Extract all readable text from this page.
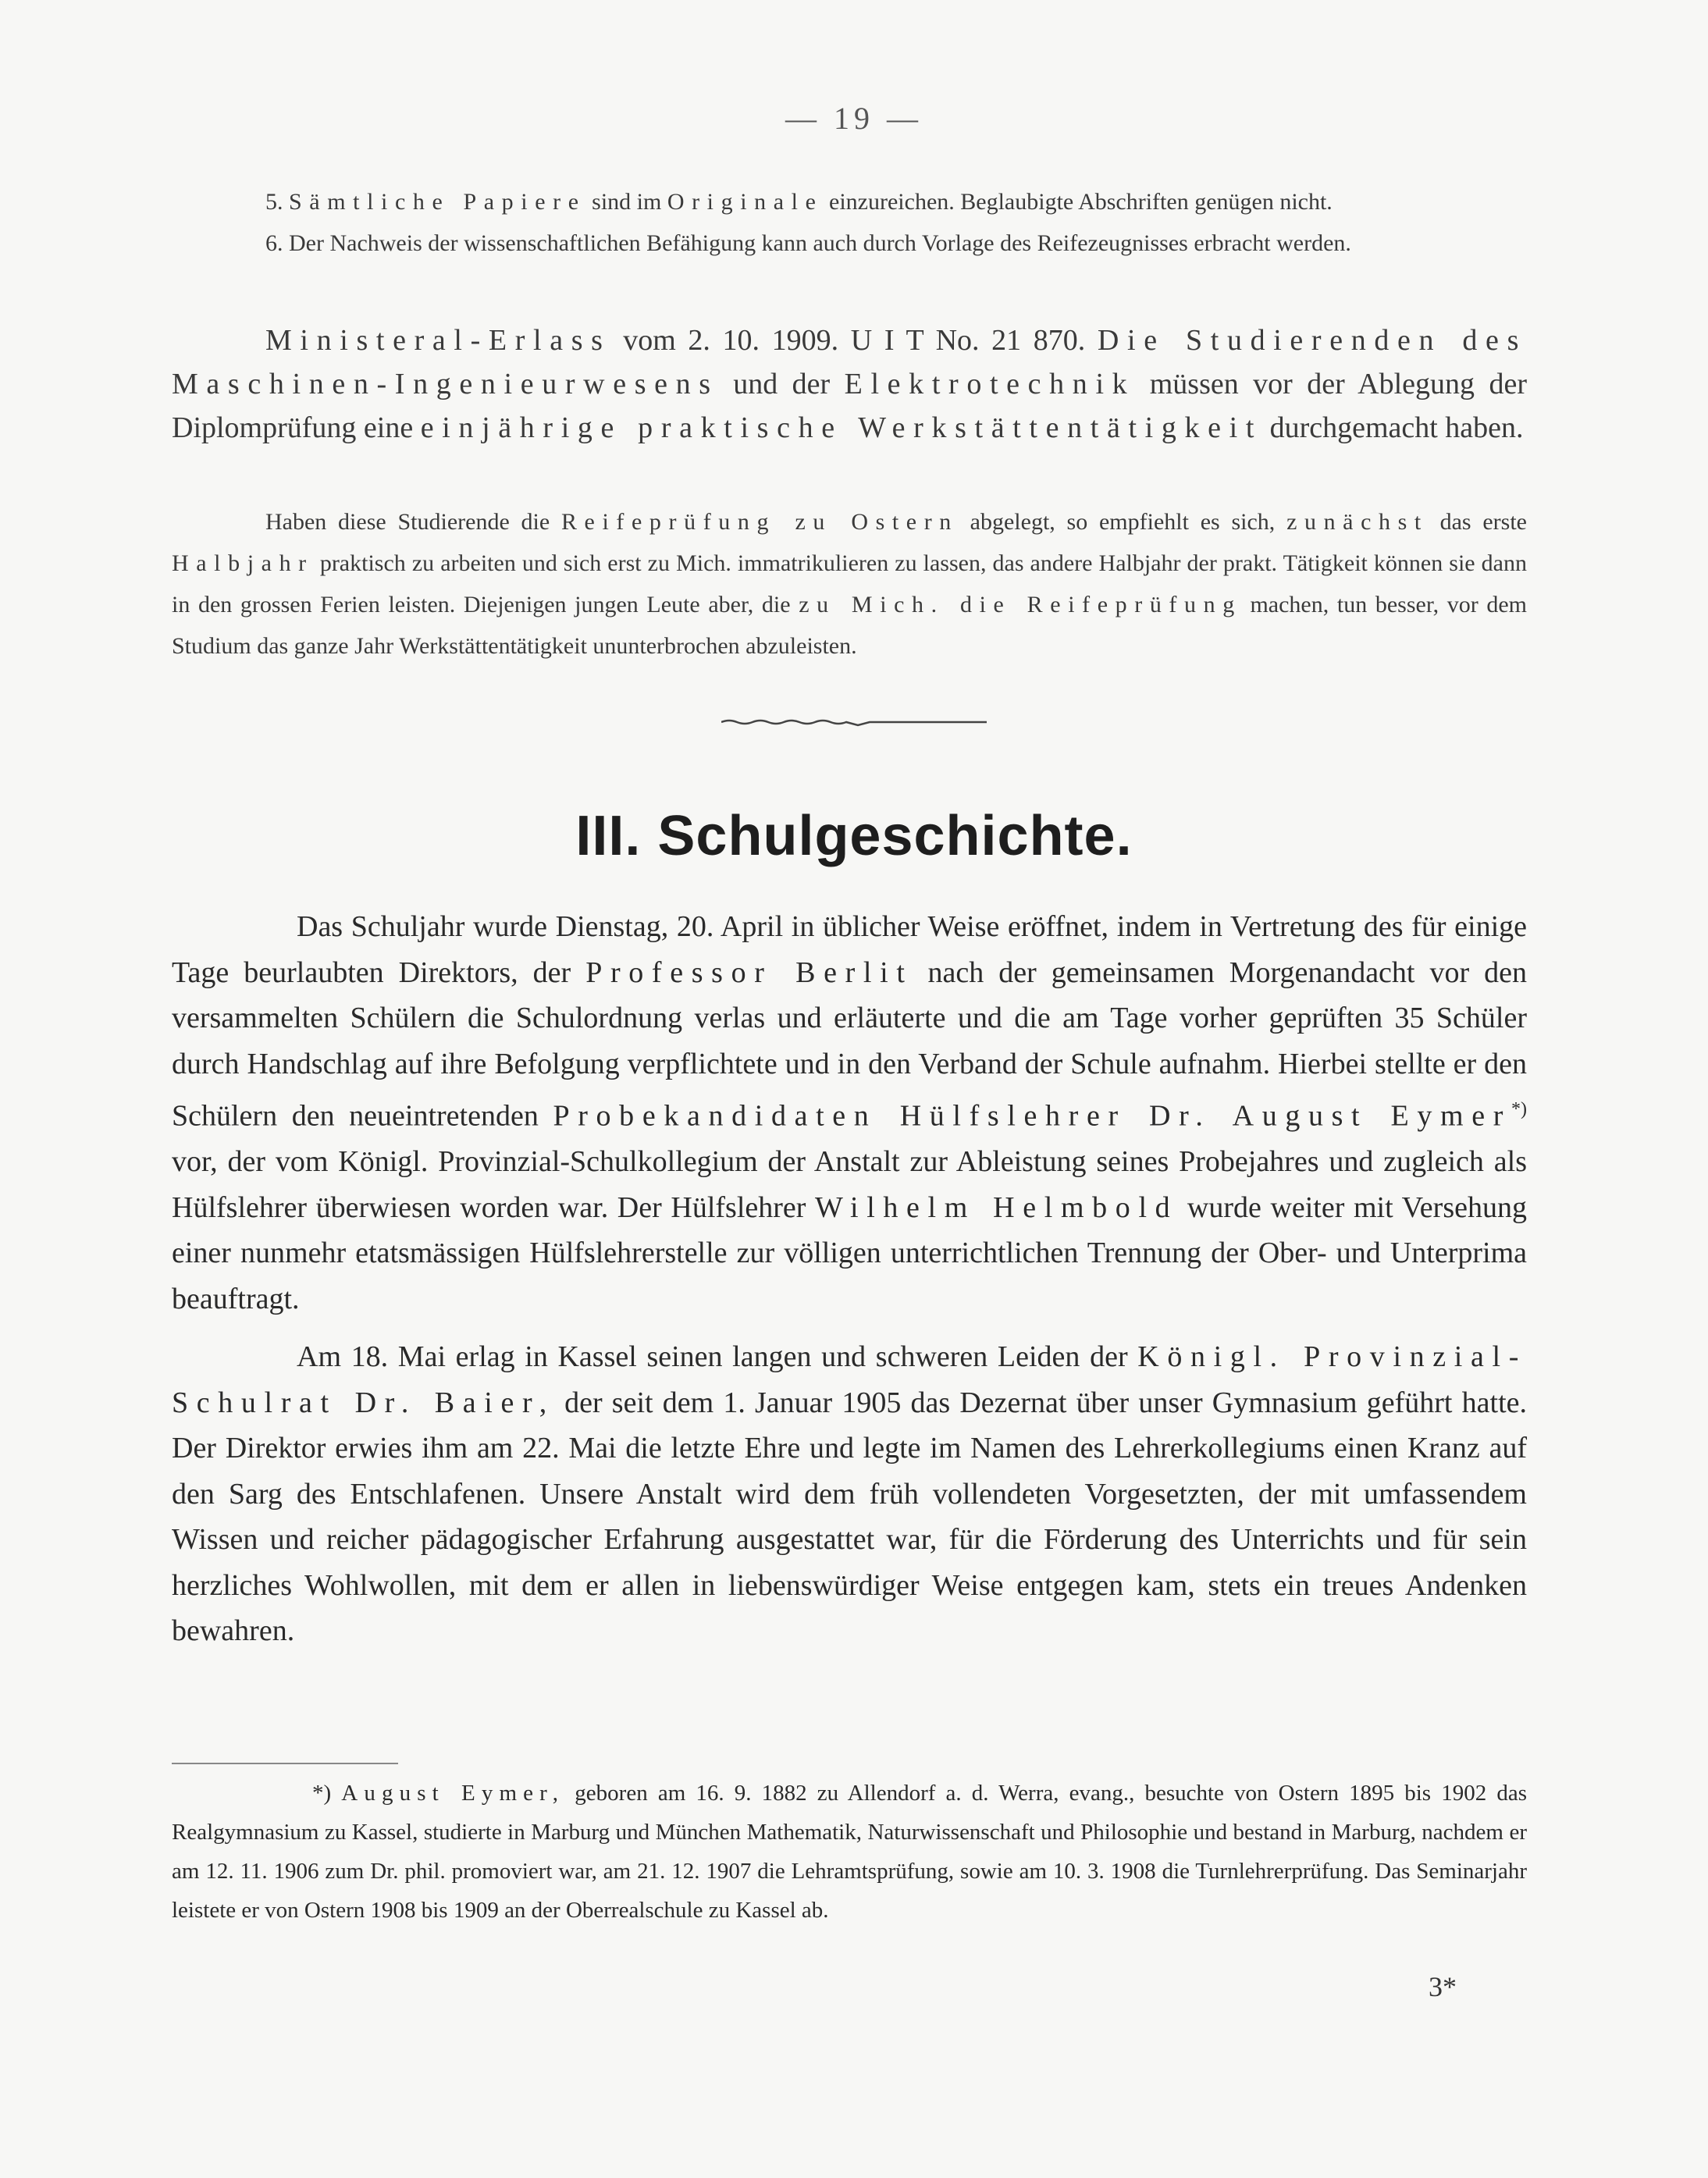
— 19 —

5. Sämtliche Papiere sind im Originale einzureichen. Beglaubigte Abschriften genügen nicht.

6. Der Nachweis der wissenschaftlichen Befähigung kann auch durch Vorlage des Reifezeugnisses erbracht werden.

Ministeral-Erlass vom 2. 10. 1909. U I T No. 21 870. Die Studierenden des Maschinen-Ingenieurwesens und der Elektrotechnik müssen vor der Ablegung der Diplomprüfung eine einjährige praktische Werkstättentätigkeit durchgemacht haben.

Haben diese Studierende die Reifeprüfung zu Ostern abgelegt, so empfiehlt es sich, zunächst das erste Halbjahr praktisch zu arbeiten und sich erst zu Mich. immatrikulieren zu lassen, das andere Halbjahr der prakt. Tätigkeit können sie dann in den grossen Ferien leisten. Diejenigen jungen Leute aber, die zu Mich. die Reifeprüfung machen, tun besser, vor dem Studium das ganze Jahr Werkstättentätigkeit ununterbrochen abzuleisten.

III. Schulgeschichte.

Das Schuljahr wurde Dienstag, 20. April in üblicher Weise eröffnet, indem in Vertretung des für einige Tage beurlaubten Direktors, der Professor Berlit nach der gemeinsamen Morgenandacht vor den versammelten Schülern die Schulordnung verlas und erläuterte und die am Tage vorher geprüften 35 Schüler durch Handschlag auf ihre Befolgung verpflichtete und in den Verband der Schule aufnahm. Hierbei stellte er den Schülern den neueintretenden Probekandidaten Hülfslehrer Dr. August Eymer*) vor, der vom Königl. Provinzial-Schulkollegium der Anstalt zur Ableistung seines Probejahres und zugleich als Hülfslehrer überwiesen worden war. Der Hülfslehrer Wilhelm Helmbold wurde weiter mit Versehung einer nunmehr etatsmässigen Hülfslehrerstelle zur völligen unterrichtlichen Trennung der Ober- und Unterprima beauftragt.

Am 18. Mai erlag in Kassel seinen langen und schweren Leiden der Königl. Provinzial-Schulrat Dr. Baier, der seit dem 1. Januar 1905 das Dezernat über unser Gymnasium geführt hatte. Der Direktor erwies ihm am 22. Mai die letzte Ehre und legte im Namen des Lehrerkollegiums einen Kranz auf den Sarg des Entschlafenen. Unsere Anstalt wird dem früh vollendeten Vorgesetzten, der mit umfassendem Wissen und reicher pädagogischer Erfahrung ausgestattet war, für die Förderung des Unterrichts und für sein herzliches Wohlwollen, mit dem er allen in liebenswürdiger Weise entgegen kam, stets ein treues Andenken bewahren.

*) August Eymer, geboren am 16. 9. 1882 zu Allendorf a. d. Werra, evang., besuchte von Ostern 1895 bis 1902 das Realgymnasium zu Kassel, studierte in Marburg und München Mathematik, Naturwissenschaft und Philosophie und bestand in Marburg, nachdem er am 12. 11. 1906 zum Dr. phil. promoviert war, am 21. 12. 1907 die Lehramtsprüfung, sowie am 10. 3. 1908 die Turnlehrerprüfung. Das Seminarjahr leistete er von Ostern 1908 bis 1909 an der Oberrealschule zu Kassel ab.

3*
